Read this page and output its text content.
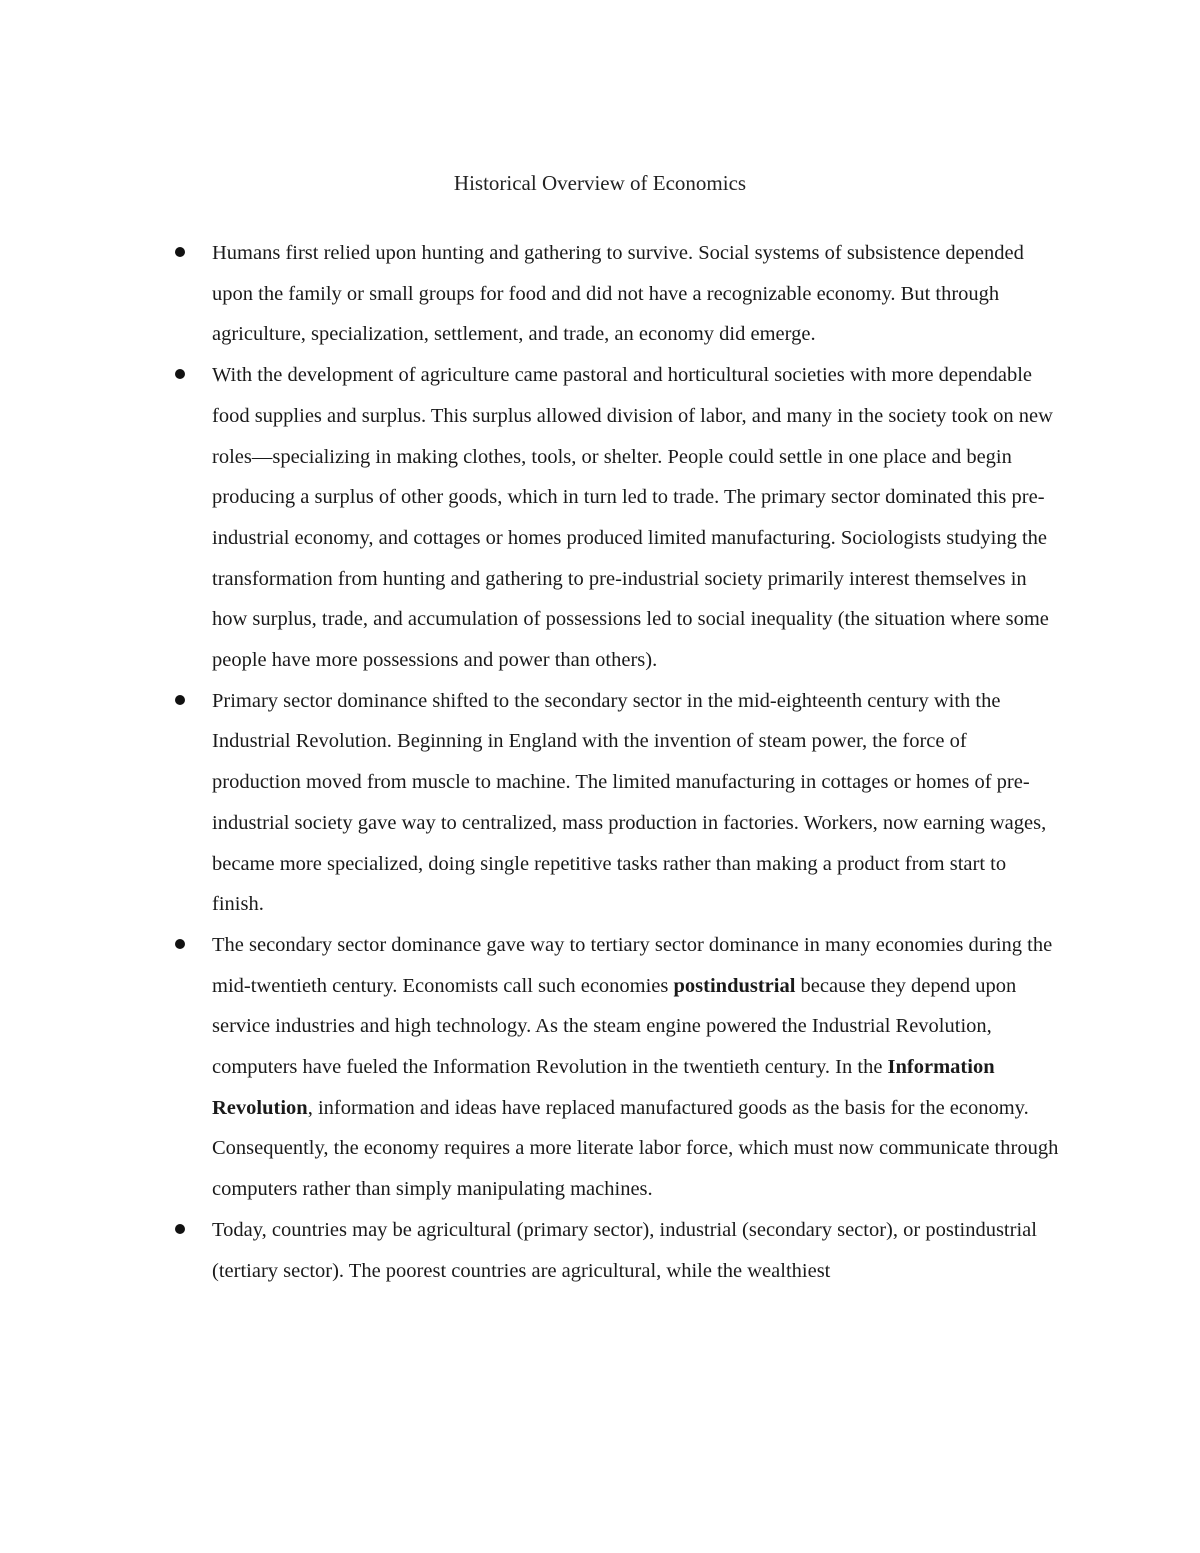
Historical Overview of Economics
Humans first relied upon hunting and gathering to survive. Social systems of subsistence depended upon the family or small groups for food and did not have a recognizable economy. But through agriculture, specialization, settlement, and trade, an economy did emerge.
With the development of agriculture came pastoral and horticultural societies with more dependable food supplies and surplus. This surplus allowed division of labor, and many in the society took on new roles—specializing in making clothes, tools, or shelter. People could settle in one place and begin producing a surplus of other goods, which in turn led to trade. The primary sector dominated this pre-industrial economy, and cottages or homes produced limited manufacturing. Sociologists studying the transformation from hunting and gathering to pre-industrial society primarily interest themselves in how surplus, trade, and accumulation of possessions led to social inequality (the situation where some people have more possessions and power than others).
Primary sector dominance shifted to the secondary sector in the mid-eighteenth century with the Industrial Revolution. Beginning in England with the invention of steam power, the force of production moved from muscle to machine. The limited manufacturing in cottages or homes of pre-industrial society gave way to centralized, mass production in factories. Workers, now earning wages, became more specialized, doing single repetitive tasks rather than making a product from start to finish.
The secondary sector dominance gave way to tertiary sector dominance in many economies during the mid-twentieth century. Economists call such economies postindustrial because they depend upon service industries and high technology. As the steam engine powered the Industrial Revolution, computers have fueled the Information Revolution in the twentieth century. In the Information Revolution, information and ideas have replaced manufactured goods as the basis for the economy. Consequently, the economy requires a more literate labor force, which must now communicate through computers rather than simply manipulating machines.
Today, countries may be agricultural (primary sector), industrial (secondary sector), or postindustrial (tertiary sector). The poorest countries are agricultural, while the wealthiest
